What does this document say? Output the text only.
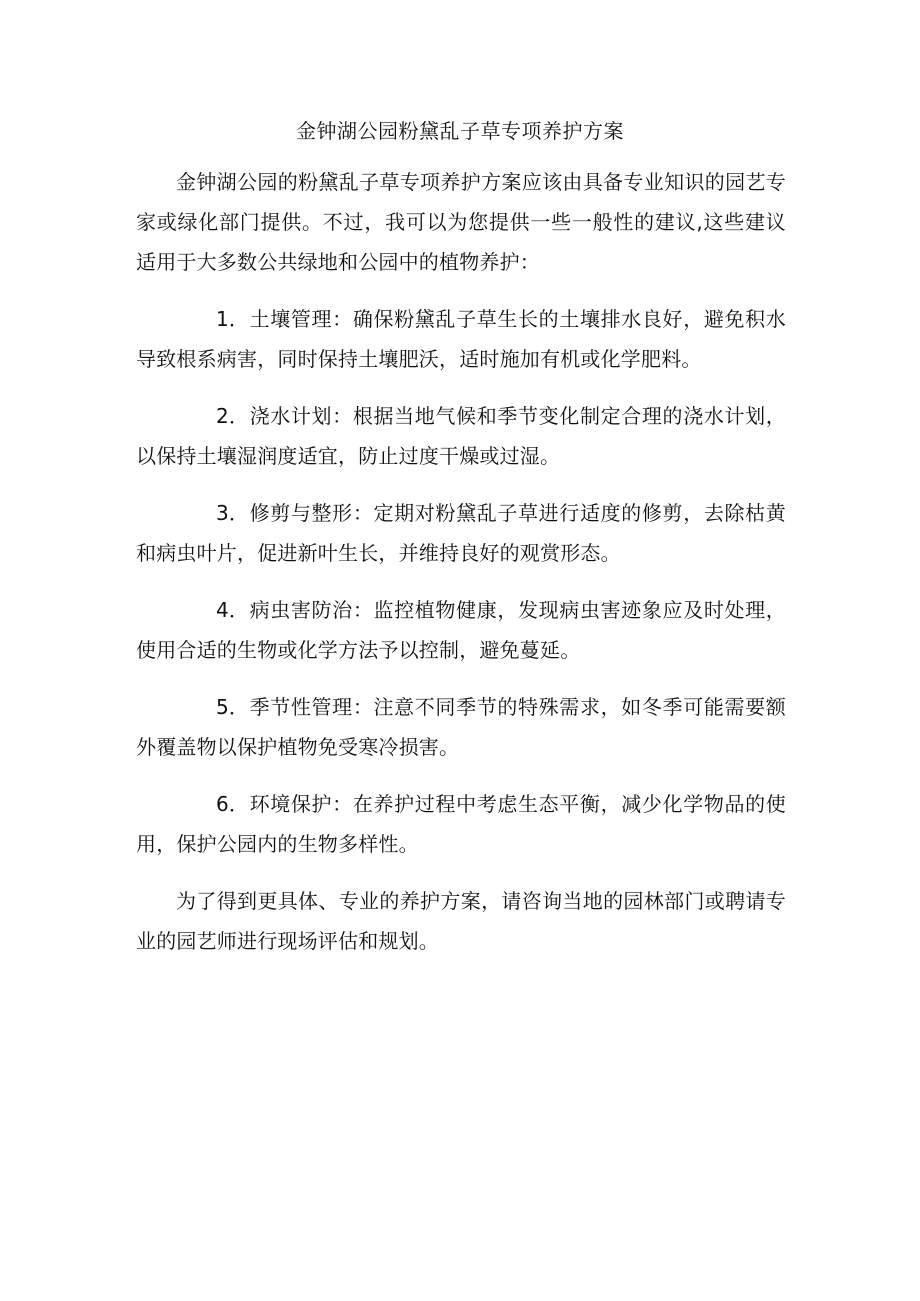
金钟湖公园粉黛乱子草专项养护方案

金钟湖公园的粉黛乱子草专项养护方案应该由具备专业知识的园艺专家或绿化部门提供。不过，我可以为您提供一些一般性的建议,这些建议适用于大多数公共绿地和公园中的植物养护：

1．土壤管理：确保粉黛乱子草生长的土壤排水良好，避免积水导致根系病害，同时保持土壤肥沃，适时施加有机或化学肥料。

2．浇水计划：根据当地气候和季节变化制定合理的浇水计划，以保持土壤湿润度适宜，防止过度干燥或过湿。

3．修剪与整形：定期对粉黛乱子草进行适度的修剪，去除枯黄和病虫叶片，促进新叶生长，并维持良好的观赏形态。

4．病虫害防治：监控植物健康，发现病虫害迹象应及时处理，使用合适的生物或化学方法予以控制，避免蔓延。

5．季节性管理：注意不同季节的特殊需求，如冬季可能需要额外覆盖物以保护植物免受寒冷损害。

6．环境保护：在养护过程中考虑生态平衡，减少化学物品的使用，保护公园内的生物多样性。

为了得到更具体、专业的养护方案，请咨询当地的园林部门或聘请专业的园艺师进行现场评估和规划。
